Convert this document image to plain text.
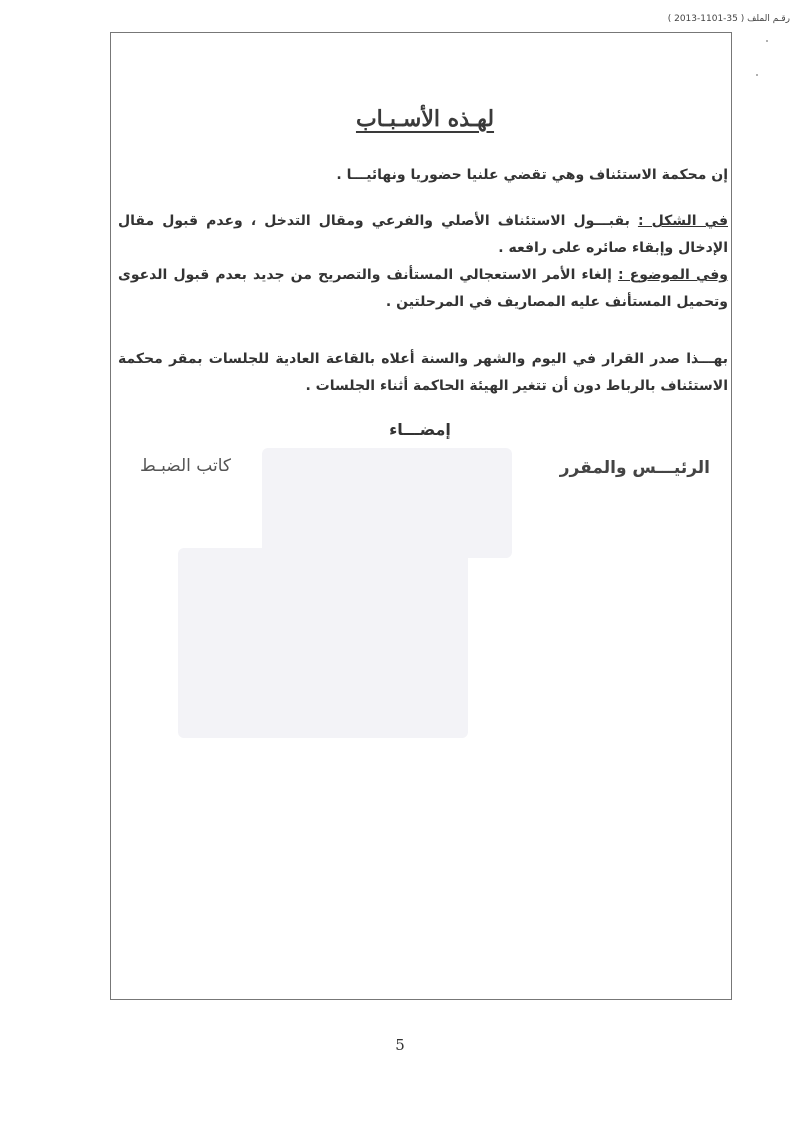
رقـم الملف ( 35-1101-2013 )
لهـذه الأسـبـاب
إن محكمة الاستئناف وهي تقضي علنيا حضوريا ونهائيـــا .
في الشكل : بقبـــول الاستئناف الأصلي والفرعي ومقال التدخل ، وعدم قبول مقال الإدخال وإبقاء صائره على رافعه .
وفي الموضوع : إلغاء الأمر الاستعجالي المستأنف والتصريح من جديد بعدم قبول الدعوى وتحميل المستأنف عليه المصاريف في المرحلتين .
بهـــذا صدر القرار في اليوم والشهر والسنة أعلاه بالقاعة العادية للجلسات بمقر محكمة الاستئناف بالرباط دون أن تتغير الهيئة الحاكمة أثناء الجلسات .
إمضـــاء
الرئيـــس والمقرر
كاتب الضبـط
5
